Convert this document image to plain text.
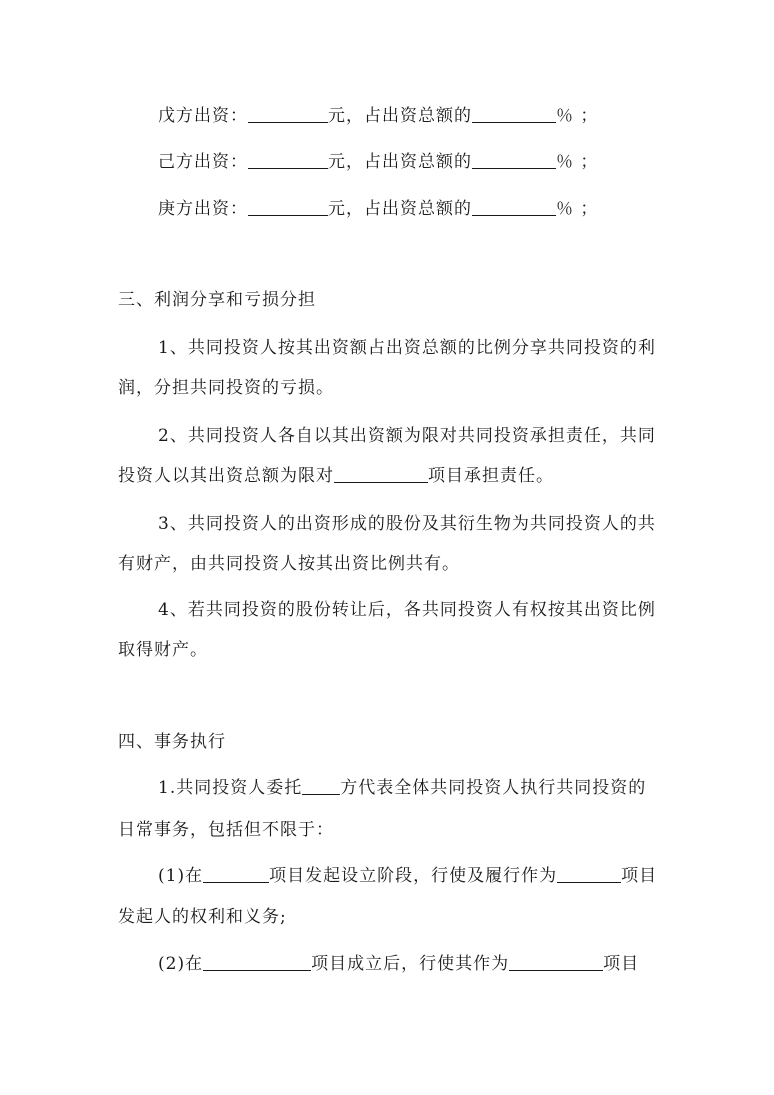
戊方出资：	元，占出资总额的	％ ；
己方出资：	元，占出资总额的	％ ；
庚方出资：	元，占出资总额的	％ ；
三、利润分享和亏损分担
1、共同投资人按其出资额占出资总额的比例分享共同投资的利
润，分担共同投资的亏损。
2、共同投资人各自以其出资额为限对共同投资承担责任，共同
投资人以其出资总额为限对	项目承担责任。
3、共同投资人的出资形成的股份及其衍生物为共同投资人的共
有财产，由共同投资人按其出资比例共有。
4、若共同投资的股份转让后，各共同投资人有权按其出资比例
取得财产。
四、事务执行
1.共同投资人委托 方代表全体共同投资人执行共同投资的
日常事务，包括但不限于：
(1)在	项目发起设立阶段，行使及履行作为	项目
发起人的权利和义务;
(2)在	项目成立后，行使其作为	项目
